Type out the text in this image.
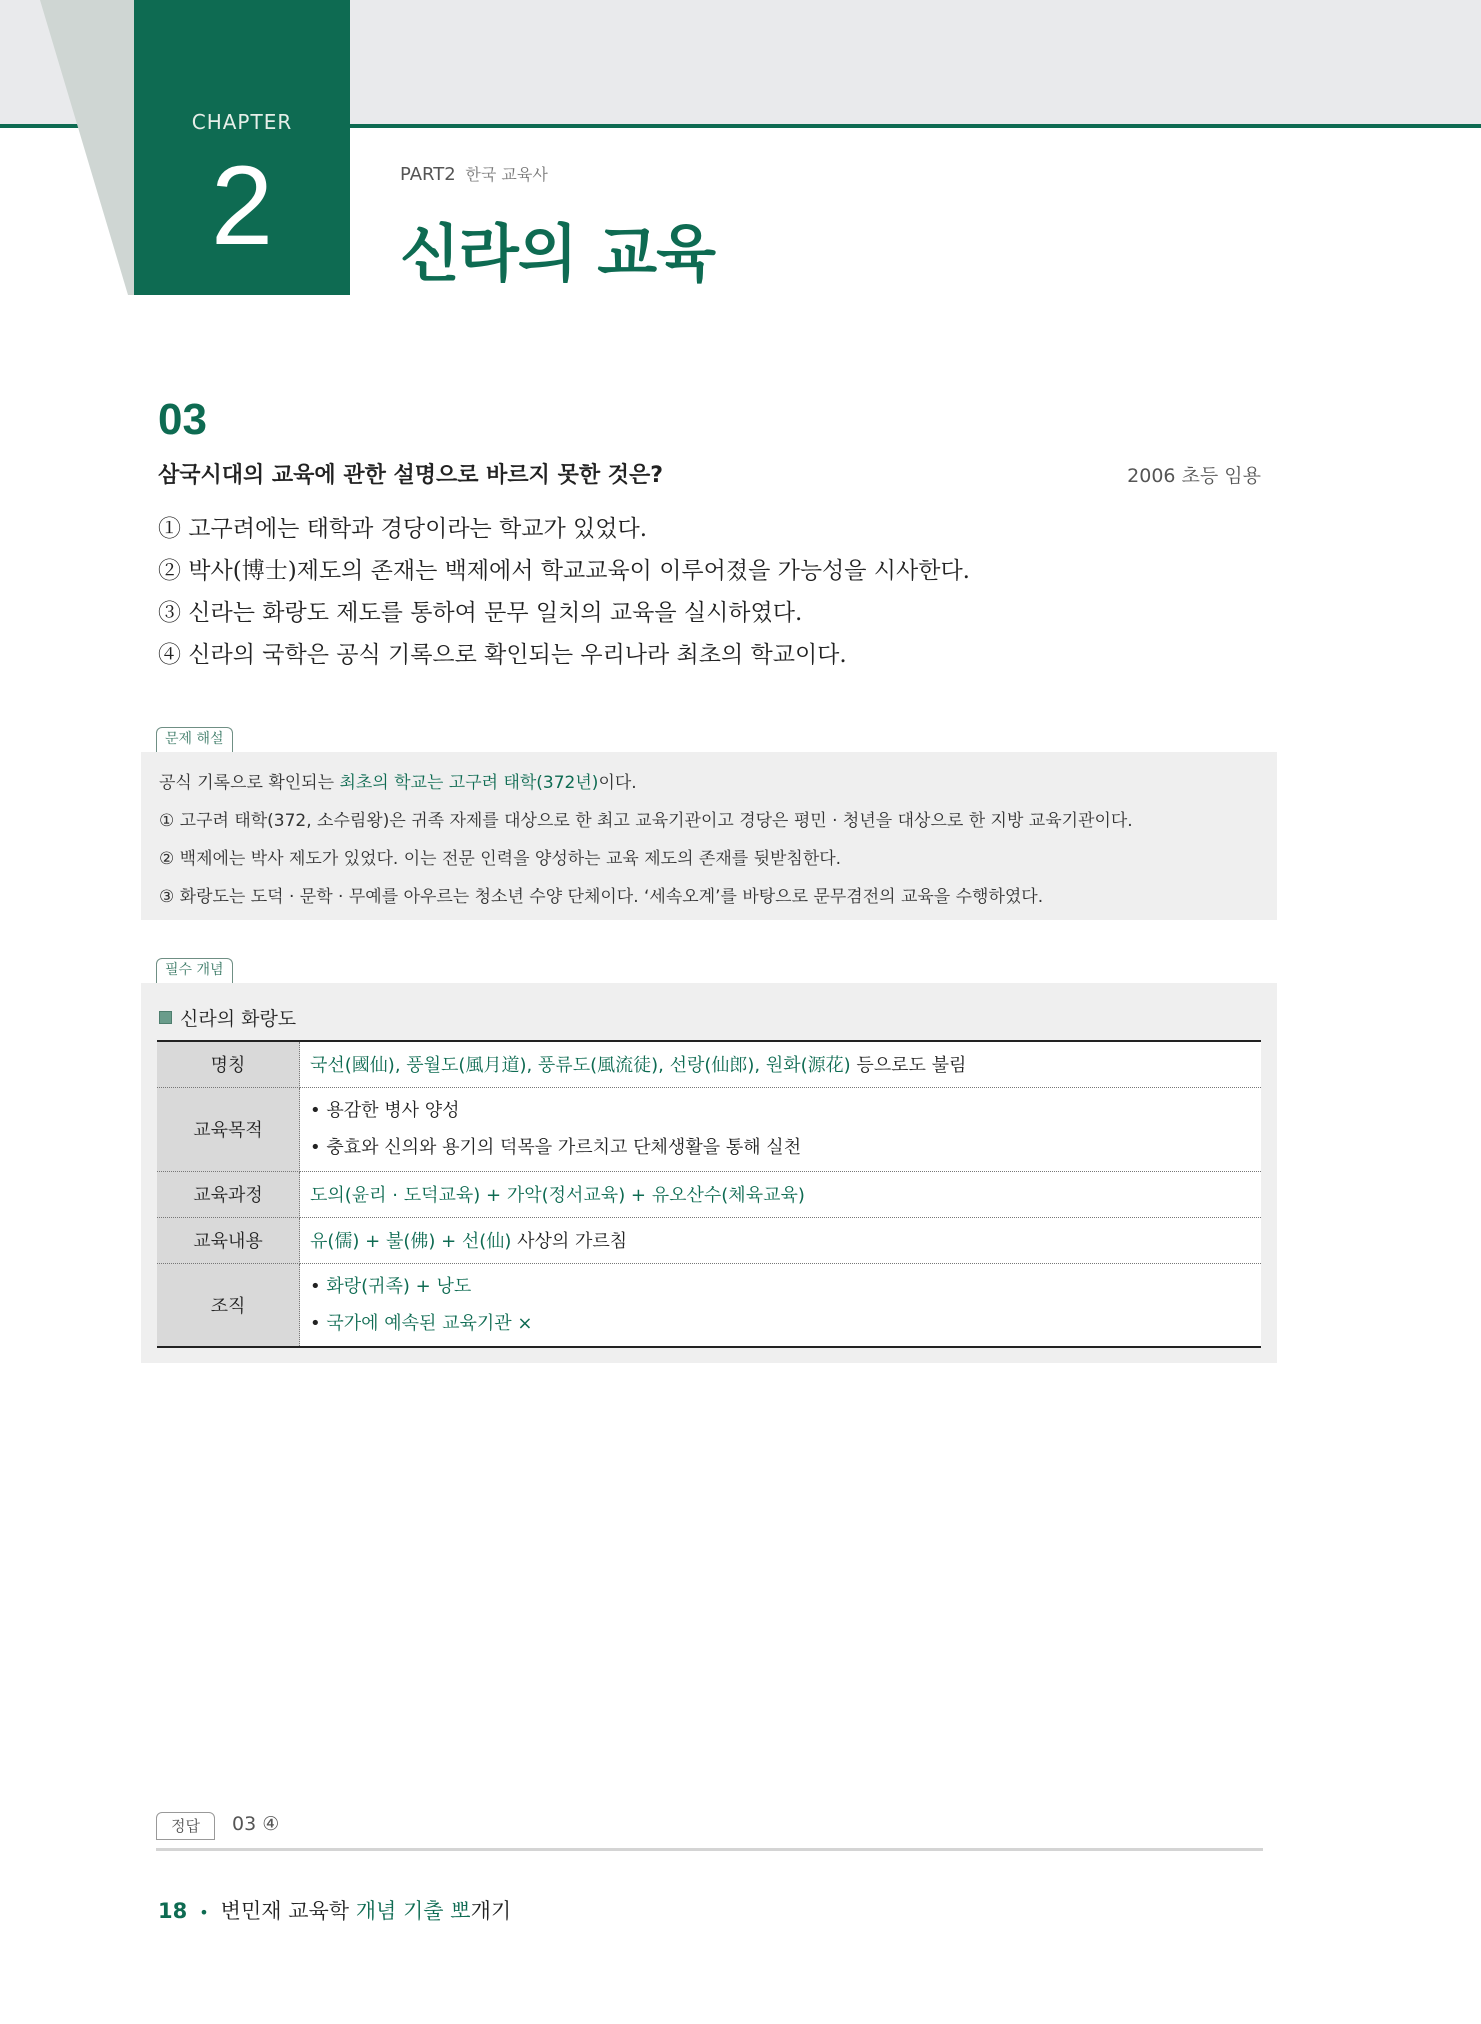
CHAPTER
2	PART2 한국 교육사
신라의 교육
03
삼국시대의 교육에 관한 설명으로 바르지 못한 것은?	2006 초등 임용
① 고구려에는 태학과 경당이라는 학교가 있었다.
② 박사(博士)제도의 존재는 백제에서 학교교육이 이루어졌을 가능성을 시사한다.
③ 신라는 화랑도 제도를 통하여 문무 일치의 교육을 실시하였다.
④ 신라의 국학은 공식 기록으로 확인되는 우리나라 최초의 학교이다.
문제 해설
공식 기록으로 확인되는 최초의 학교는 고구려 태학(372년)이다.
① 고구려 태학(372, 소수림왕)은 귀족 자제를 대상으로 한 최고 교육기관이고 경당은 평민 · 청년을 대상으로 한 지방 교육기관이다.
② 백제에는 박사 제도가 있었다. 이는 전문 인력을 양성하는 교육 제도의 존재를 뒷받침한다.
③ 화랑도는 도덕 · 문학 · 무예를 아우르는 청소년 수양 단체이다. ‘세속오계’를 바탕으로 문무겸전의 교육을 수행하였다.
필수 개념
신라의 화랑도
명칭	국선(國仙), 풍월도(風月道), 풍류도(風流徒), 선랑(仙郎), 원화(源花) 등으로도 불림
교육목적	• 용감한 병사 양성
• 충효와 신의와 용기의 덕목을 가르치고 단체생활을 통해 실천

교육과정	도의(윤리 · 도덕교육) + 가악(정서교육) + 유오산수(체육교육)
교육내용	유(儒) + 불(佛) + 선(仙) 사상의 가르침
조직	• 화랑(귀족) + 낭도
• 국가에 예속된 교육기관 ×
정답	03 ④
18 • 변민재 교육학 개념 기출 뽀개기
